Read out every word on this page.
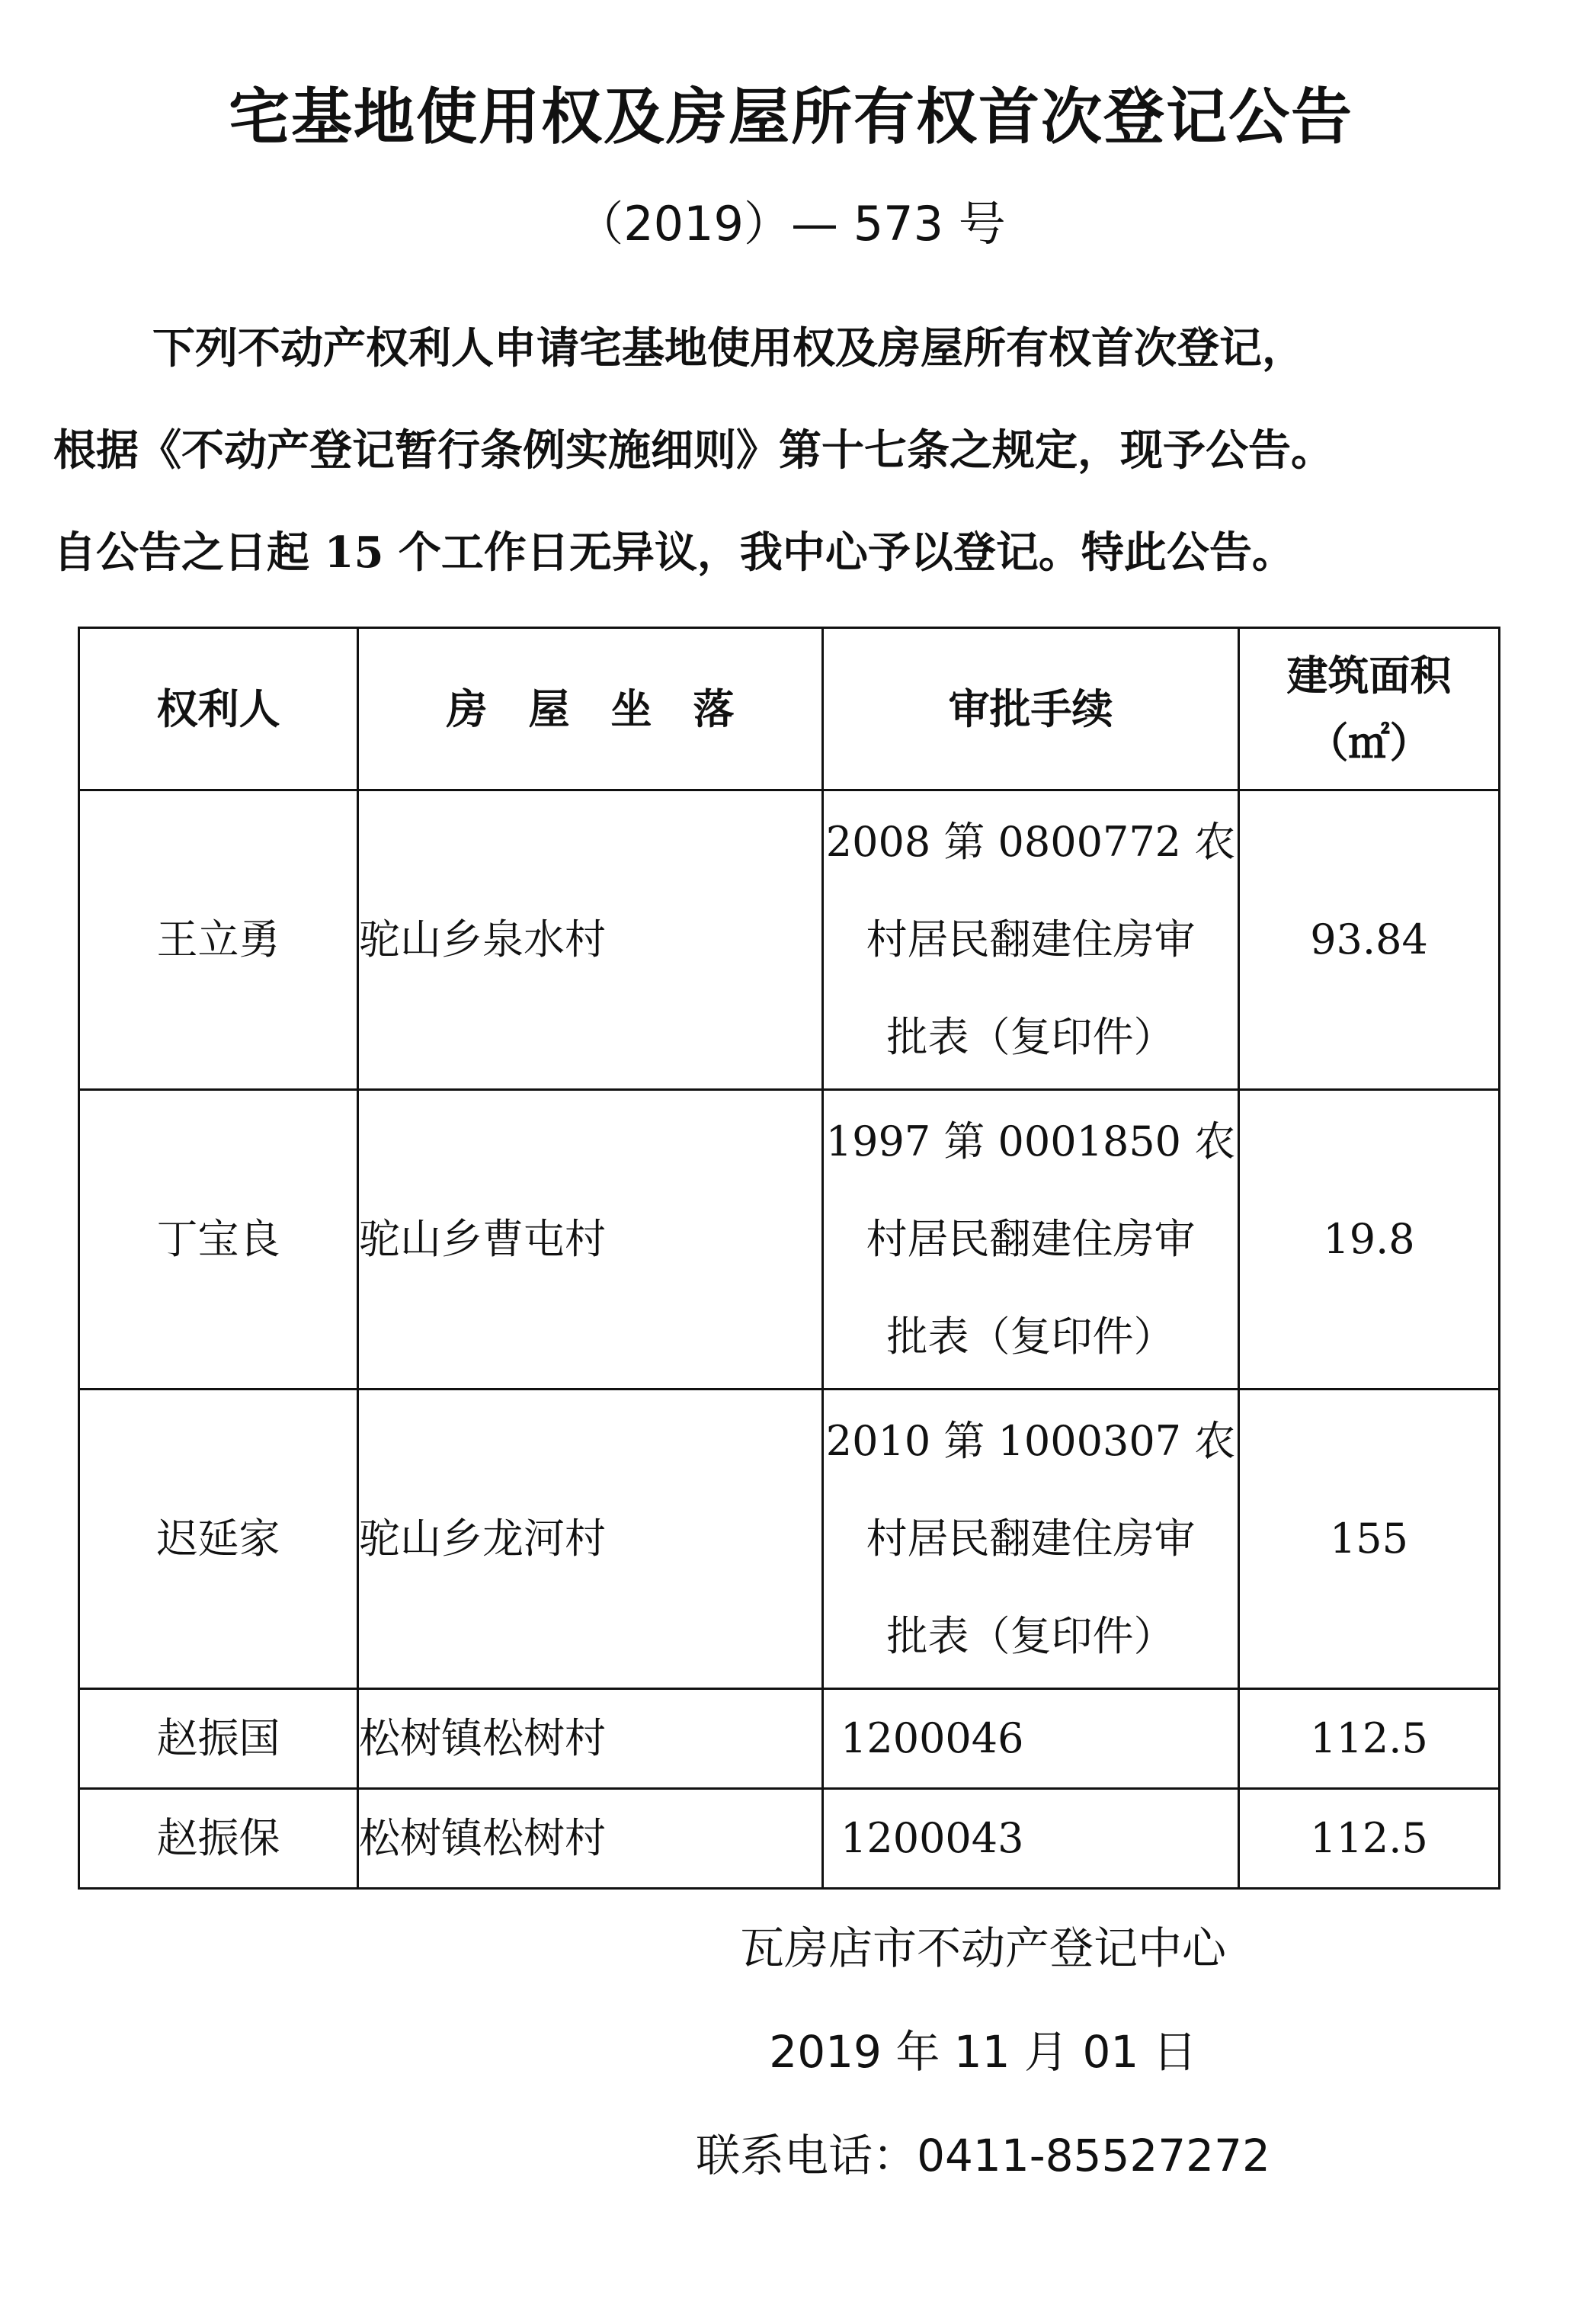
宅基地使用权及房屋所有权首次登记公告
（2019）— 573 号
下列不动产权利人申请宅基地使用权及房屋所有权首次登记，
根据《不动产登记暂行条例实施细则》第十七条之规定，现予公告。
自公告之日起 15 个工作日无异议，我中心予以登记。特此公告。
权利人	房　屋　坐　落	审批手续	建筑面积
（㎡）
王立勇	驼山乡泉水村	2008 第 0800772 农
村居民翻建住房审
批表（复印件）	93.84
丁宝良	驼山乡曹屯村	1997 第 0001850 农
村居民翻建住房审
批表（复印件）	19.8
迟延家	驼山乡龙河村	2010 第 1000307 农
村居民翻建住房审
批表（复印件）	155
赵振国	松树镇松树村	1200046	112.5
赵振保	松树镇松树村	1200043	112.5
瓦房店市不动产登记中心
2019 年 11 月 01 日
联系电话：0411-85527272
